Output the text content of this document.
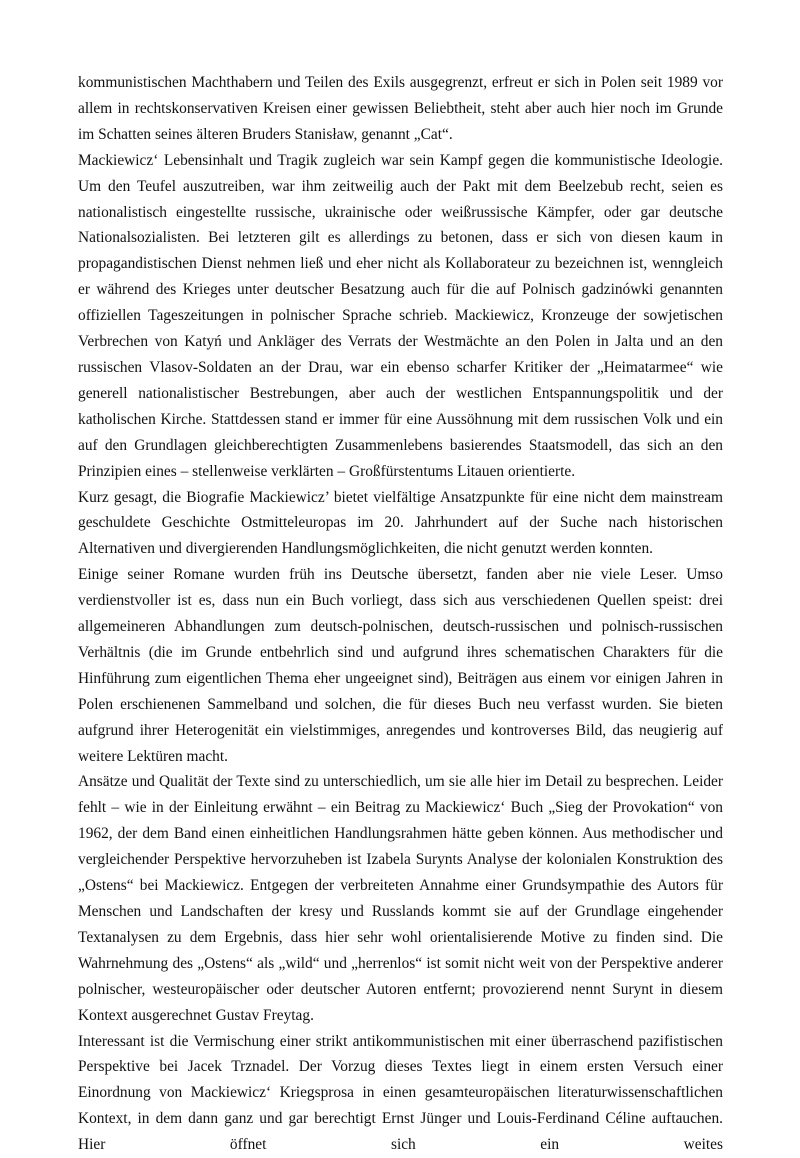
kommunistischen Machthabern und Teilen des Exils ausgegrenzt, erfreut er sich in Polen seit 1989 vor allem in rechtskonservativen Kreisen einer gewissen Beliebtheit, steht aber auch hier noch im Grunde im Schatten seines älteren Bruders Stanisław, genannt „Cat“.

Mackiewicz‘ Lebensinhalt und Tragik zugleich war sein Kampf gegen die kommunistische Ideologie. Um den Teufel auszutreiben, war ihm zeitweilig auch der Pakt mit dem Beelzebub recht, seien es nationalistisch eingestellte russische, ukrainische oder weißrussische Kämpfer, oder gar deutsche Nationalsozialisten. Bei letzteren gilt es allerdings zu betonen, dass er sich von diesen kaum in propagandistischen Dienst nehmen ließ und eher nicht als Kollaborateur zu bezeichnen ist, wenngleich er während des Krieges unter deutscher Besatzung auch für die auf Polnisch gadzinówki genannten offiziellen Tageszeitungen in polnischer Sprache schrieb. Mackiewicz, Kronzeuge der sowjetischen Verbrechen von Katyń und Ankläger des Verrats der Westmächte an den Polen in Jalta und an den russischen Vlasov-Soldaten an der Drau, war ein ebenso scharfer Kritiker der „Heimatarmee“ wie generell nationalistischer Bestrebungen, aber auch der westlichen Entspannungspolitik und der katholischen Kirche. Stattdessen stand er immer für eine Aussöhnung mit dem russischen Volk und ein auf den Grundlagen gleichberechtigten Zusammenlebens basierendes Staatsmodell, das sich an den Prinzipien eines – stellenweise verklärten – Großfürstentums Litauen orientierte.

Kurz gesagt, die Biografie Mackiewicz’ bietet vielfältige Ansatzpunkte für eine nicht dem mainstream geschuldete Geschichte Ostmitteleuropas im 20. Jahrhundert auf der Suche nach historischen Alternativen und divergierenden Handlungsmöglichkeiten, die nicht genutzt werden konnten.

Einige seiner Romane wurden früh ins Deutsche übersetzt, fanden aber nie viele Leser. Umso verdienstvoller ist es, dass nun ein Buch vorliegt, dass sich aus verschiedenen Quellen speist: drei allgemeineren Abhandlungen zum deutsch-polnischen, deutsch-russischen und polnisch-russischen Verhältnis (die im Grunde entbehrlich sind und aufgrund ihres schematischen Charakters für die Hinführung zum eigentlichen Thema eher ungeeignet sind), Beiträgen aus einem vor einigen Jahren in Polen erschienenen Sammelband und solchen, die für dieses Buch neu verfasst wurden. Sie bieten aufgrund ihrer Heterogenität ein vielstimmiges, anregendes und kontroverses Bild, das neugierig auf weitere Lektüren macht.

Ansätze und Qualität der Texte sind zu unterschiedlich, um sie alle hier im Detail zu besprechen. Leider fehlt – wie in der Einleitung erwähnt – ein Beitrag zu Mackiewicz‘ Buch „Sieg der Provokation“ von 1962, der dem Band einen einheitlichen Handlungsrahmen hätte geben können. Aus methodischer und vergleichender Perspektive hervorzuheben ist Izabela Surynts Analyse der kolonialen Konstruktion des „Ostens“ bei Mackiewicz. Entgegen der verbreiteten Annahme einer Grundsympathie des Autors für Menschen und Landschaften der kresy und Russlands kommt sie auf der Grundlage eingehender Textanalysen zu dem Ergebnis, dass hier sehr wohl orientalisierende Motive zu finden sind. Die Wahrnehmung des „Ostens“ als „wild“ und „herrenlos“ ist somit nicht weit von der Perspektive anderer polnischer, westeuropäischer oder deutscher Autoren entfernt; provozierend nennt Surynt in diesem Kontext ausgerechnet Gustav Freytag.

Interessant ist die Vermischung einer strikt antikommunistischen mit einer überraschend pazifistischen Perspektive bei Jacek Trznadel. Der Vorzug dieses Textes liegt in einem ersten Versuch einer Einordnung von Mackiewicz‘ Kriegsprosa in einen gesamteuropäischen literaturwissenschaftlichen Kontext, in dem dann ganz und gar berechtigt Ernst Jünger und Louis-Ferdinand Céline auftauchen. Hier öffnet sich ein weites
